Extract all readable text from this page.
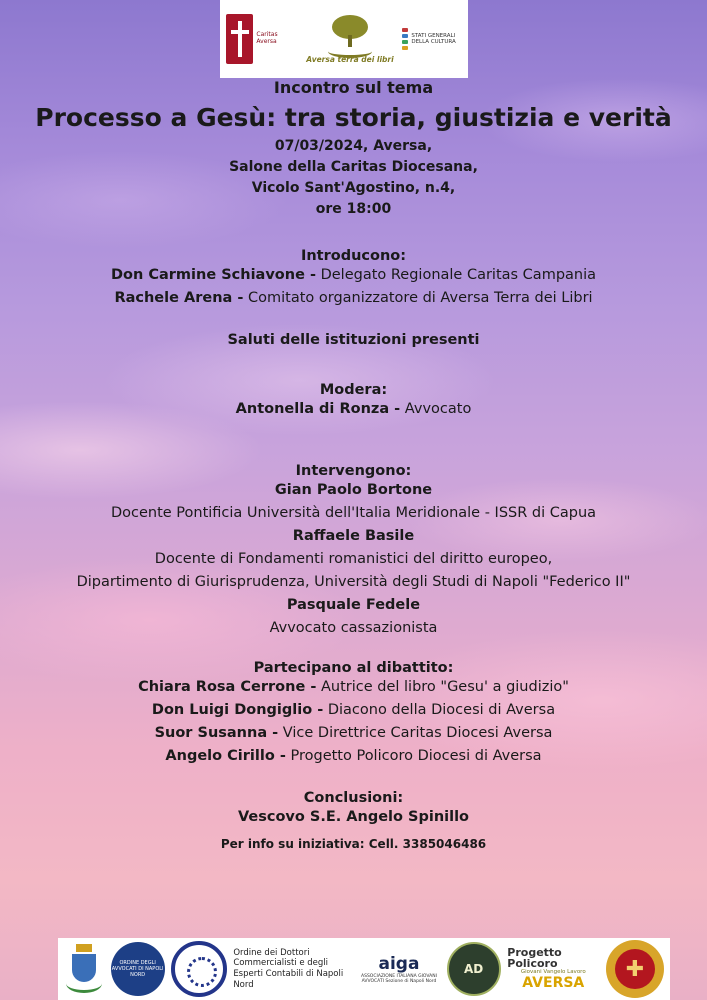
Caritas Aversa
Aversa terra dei libri
STATI GENERALI DELLA CULTURA
Incontro sul tema
Processo a Gesù: tra storia, giustizia e verità
07/03/2024, Aversa,
Salone della Caritas Diocesana,
Vicolo Sant'Agostino, n.4,
ore 18:00
Introducono:
Don Carmine Schiavone - Delegato Regionale Caritas Campania
Rachele Arena - Comitato organizzatore di Aversa Terra dei Libri
Saluti delle istituzioni presenti
Modera:
Antonella di Ronza - Avvocato
Intervengono:
Gian Paolo Bortone
Docente Pontificia Università dell'Italia Meridionale - ISSR di Capua
Raffaele Basile
Docente di Fondamenti romanistici del diritto europeo,
Dipartimento di Giurisprudenza, Università degli Studi di Napoli "Federico II"
Pasquale Fedele
Avvocato cassazionista
Partecipano al dibattito:
Chiara Rosa Cerrone - Autrice del libro "Gesu' a giudizio"
Don Luigi Dongiglio - Diacono della Diocesi di Aversa
Suor Susanna - Vice Direttrice Caritas Diocesi Aversa
Angelo Cirillo - Progetto Policoro Diocesi di Aversa
Conclusioni:
Vescovo S.E. Angelo Spinillo
Per info su iniziativa: Cell. 3385046486
ORDINE DEGLI AVVOCATI DI NAPOLI NORD
Ordine dei Dottori Commercialisti e degli Esperti Contabili di Napoli Nord
aiga
ASSOCIAZIONE ITALIANA GIOVANI AVVOCATI Sezione di Napoli Nord
AD
Progetto Policoro
Giovani Vangelo Lavoro
AVERSA
✚
